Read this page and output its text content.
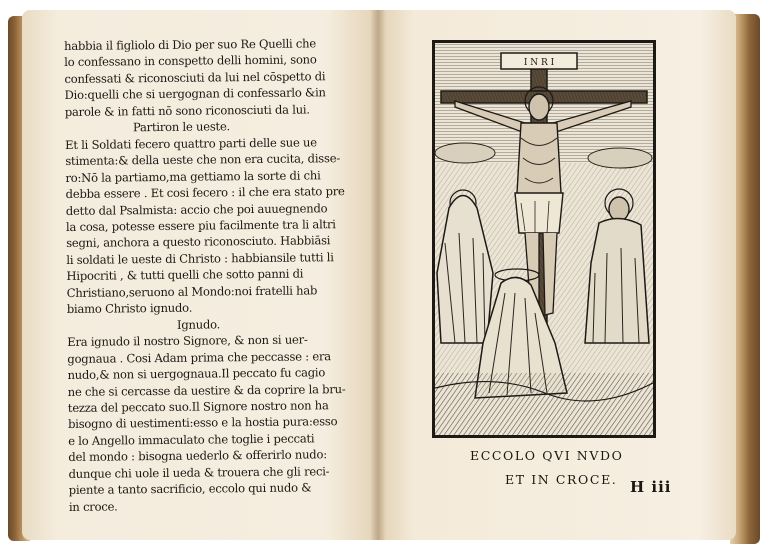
habbia il figliolo di Dio per suo Re Quelli che
lo confessano in conspetto delli homini, sono
confessati & riconosciuti da lui nel cōspetto di
Dio:quelli che si uergognan di confessarlo &in
parole & in fatti nō sono riconosciuti da lui.
Partiron le ueste.
Et li Soldati fecero quattro parti delle sue ue
stimenta:& della ueste che non era cucita, disse-
ro:Nō la partiamo,ma gettiamo la sorte di chi
debba essere . Et cosi fecero : il che era stato pre
detto dal Psalmista: accio che poi auuegnendo
la cosa, potesse essere piu facilmente tra li altri
segni, anchora a questo riconosciuto. Habbiāsi
li soldati le ueste di Christo : habbiansile tutti li
Hipocriti , & tutti quelli che sotto panni di
Christiano,seruono al Mondo:noi fratelli hab
biamo Christo ignudo.
Ignudo.
Era ignudo il nostro Signore, & non si uer-
gognaua . Cosi Adam prima che peccasse : era
nudo,& non si uergognaua.Il peccato fu cagio
ne che si cercasse da uestire & da coprire la bru-
tezza del peccato suo.Il Signore nostro non ha
bisogno di uestimenti:esso e la hostia pura:esso
e lo Angello immaculato che toglie i peccati
del mondo : bisogna uederlo & offerirlo nudo:
dunque chi uole il ueda & trouera che gli reci-
piente a tanto sacrificio, eccolo qui nudo &
in croce.
I N R I
ECCOLO QVI NVDO
ET IN CROCE. H iii
